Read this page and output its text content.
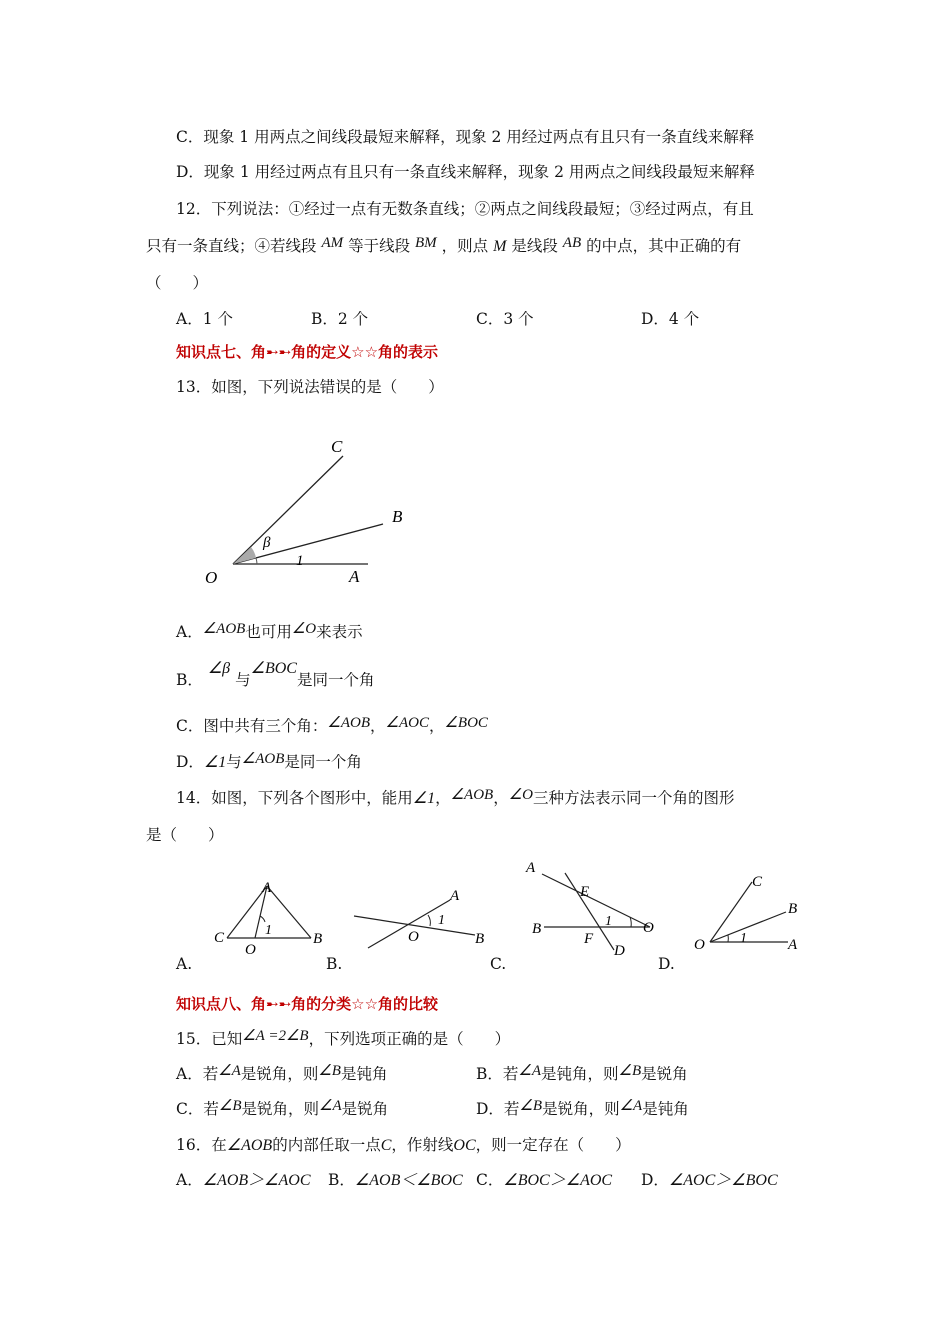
C．现象 1 用两点之间线段最短来解释，现象 2 用经过两点有且只有一条直线来解释
D．现象 1 用经过两点有且只有一条直线来解释，现象 2 用两点之间线段最短来解释
12．下列说法：①经过一点有无数条直线；②两点之间线段最短；③经过两点，有且
只有一条直线；④若线段 AM 等于线段 BM ，则点 M 是线段 AB 的中点，其中正确的有
（　　）
A．1 个	B．2 个	C．3 个	D．4 个
知识点七、角➸➸角的定义☆☆角的表示
13．如图，下列说法错误的是（　　）
C
B
O	A
β
1
A．∠AOB也可用∠O来表示
B． ∠β 与∠BOC是同一个角
C．图中共有三个角：∠AOB，∠AOC，∠BOC
D．∠1与∠AOB是同一个角
14．如图，下列各个图形中，能用∠1，∠AOB，∠O三种方法表示同一个角的图形
是（　　）
A
C
O
B
1
A.
A
O	B
1
B.
A
E
B
F
D
O
1
C.
C
B
O	A
1
D.
知识点八、角➸➸角的分类☆☆角的比较
15．已知∠A =2∠B，下列选项正确的是（　　）
A．若∠A是锐角，则∠B是钝角	B．若∠A是钝角，则∠B是锐角
C．若∠B是锐角，则∠A是锐角	D．若∠B是锐角，则∠A是钝角
16．在∠AOB的内部任取一点C，作射线OC，则一定存在（　　）
A．∠AOB＞∠AOC B．∠AOB＜∠BOC C．∠BOC＞∠AOC D．∠AOC＞∠BOC
